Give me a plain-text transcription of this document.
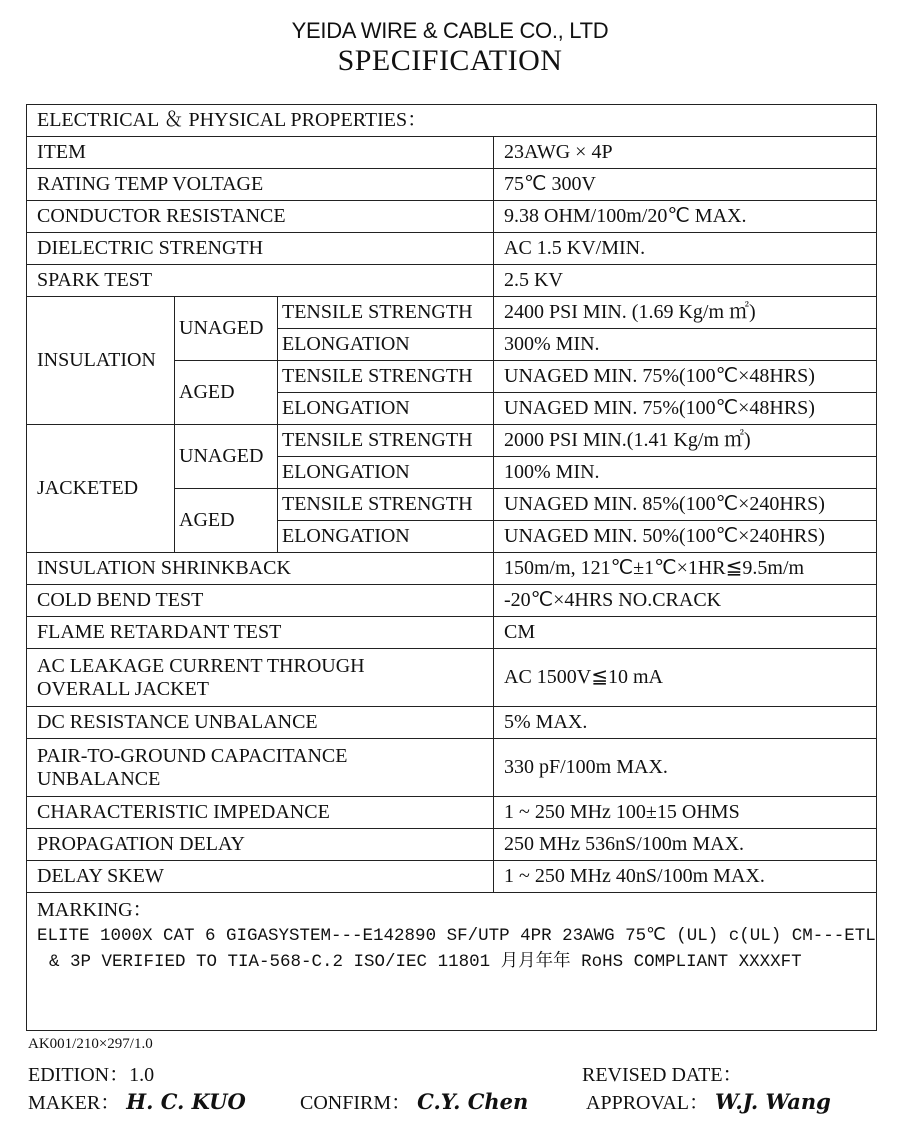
YEIDA WIRE & CABLE CO., LTD
SPECIFICATION
ELECTRICAL ＆ PHYSICAL PROPERTIES：			
ITEM			23AWG × 4P
RATING TEMP VOLTAGE			75℃ 300V
CONDUCTOR RESISTANCE			9.38 OHM/100m/20℃ MAX.
DIELECTRIC STRENGTH			AC 1.5 KV/MIN.
SPARK TEST			2.5 KV
INSULATION	UNAGED	TENSILE STRENGTH	2400 PSI MIN. (1.69 Kg/m ㎡)
		ELONGATION	300% MIN.
	AGED	TENSILE STRENGTH	UNAGED MIN. 75%(100℃×48HRS)
		ELONGATION	UNAGED MIN. 75%(100℃×48HRS)
JACKETED	UNAGED	TENSILE STRENGTH	2000 PSI MIN.(1.41 Kg/m ㎡)
		ELONGATION	100% MIN.
	AGED	TENSILE STRENGTH	UNAGED MIN. 85%(100℃×240HRS)
		ELONGATION	UNAGED MIN. 50%(100℃×240HRS)
INSULATION SHRINKBACK			150m/m, 121℃±1℃×1HR≦9.5m/m
COLD BEND TEST			-20℃×4HRS NO.CRACK
FLAME RETARDANT TEST			CM
AC LEAKAGE CURRENT THROUGH OVERALL JACKET			AC 1500V≦10 mA
DC RESISTANCE UNBALANCE			5% MAX.
PAIR-TO-GROUND CAPACITANCE UNBALANCE			330 pF/100m MAX.
CHARACTERISTIC IMPEDANCE			1 ~ 250 MHz 100±15 OHMS
PROPAGATION DELAY			250 MHz 536nS/100m MAX.
DELAY SKEW			1 ~ 250 MHz 40nS/100m MAX.

MARKING：
ELITE 1000X CAT 6 GIGASYSTEM---E142890 SF/UTP 4PR 23AWG 75℃ (UL) c(UL) CM---ETL
& 3P VERIFIED TO TIA-568-C.2 ISO/IEC 11801 月月年年 RoHS COMPLIANT XXXXFT			
AK001/210×297/1.0
EDITION：1.0	REVISED DATE：
MAKER： H. C. KUO	CONFIRM： C.Y. Chen	APPROVAL： W.J. Wang
